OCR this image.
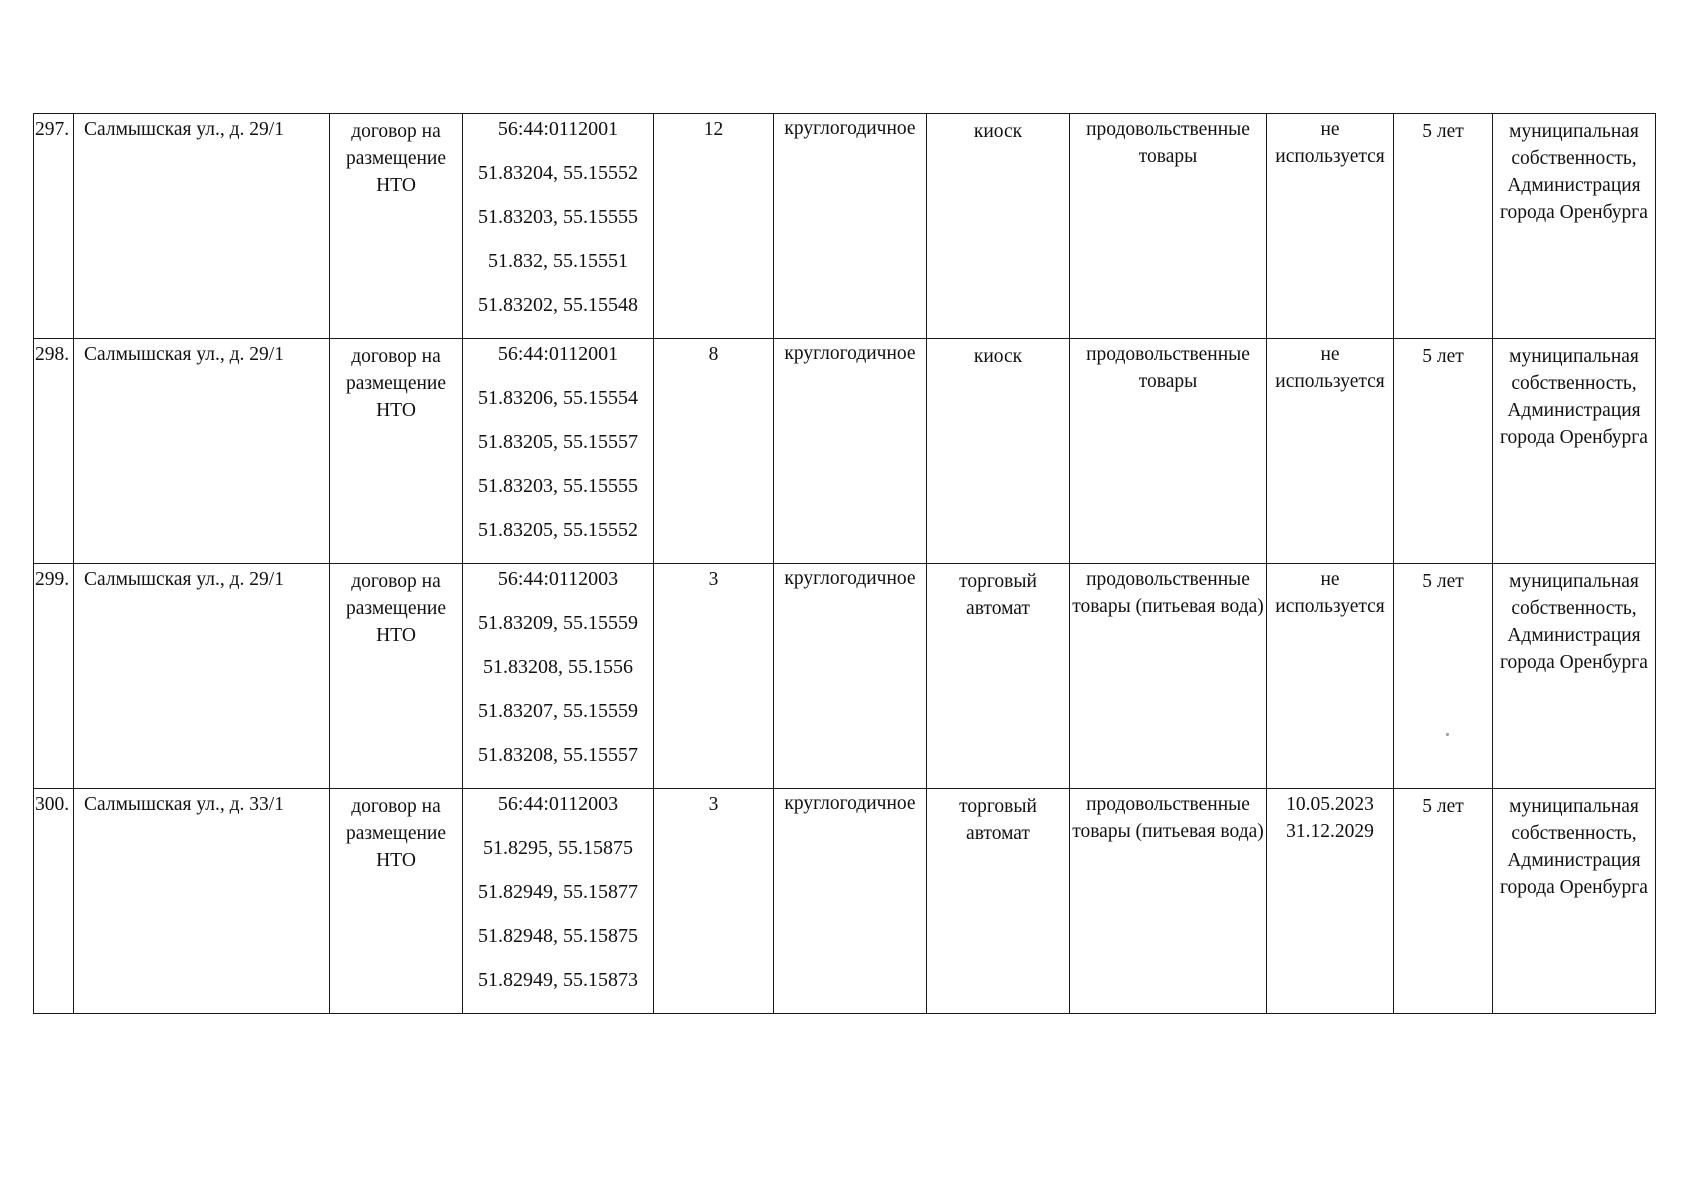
297.	Салмышская ул., д. 29/1	договор на размещение НТО	56:44:0112001
51.83204, 55.15552
51.83203, 55.15555
51.832, 55.15551
51.83202, 55.15548	12	круглогодичное	киоск	продовольственные товары	не используется	5 лет	муниципальная собственность, Администрация города Оренбурга
298.	Салмышская ул., д. 29/1	договор на размещение НТО	56:44:0112001
51.83206, 55.15554
51.83205, 55.15557
51.83203, 55.15555
51.83205, 55.15552	8	круглогодичное	киоск	продовольственные товары	не используется	5 лет	муниципальная собственность, Администрация города Оренбурга
299.	Салмышская ул., д. 29/1	договор на размещение НТО	56:44:0112003
51.83209, 55.15559
51.83208, 55.1556
51.83207, 55.15559
51.83208, 55.15557	3	круглогодичное	торговый автомат	продовольственные товары (питьевая вода)	не используется	5 лет	муниципальная собственность, Администрация города Оренбурга
300.	Салмышская ул., д. 33/1	договор на размещение НТО	56:44:0112003
51.8295, 55.15875
51.82949, 55.15877
51.82948, 55.15875
51.82949, 55.15873	3	круглогодичное	торговый автомат	продовольственные товары (питьевая вода)	10.05.2023 31.12.2029	5 лет	муниципальная собственность, Администрация города Оренбурга
